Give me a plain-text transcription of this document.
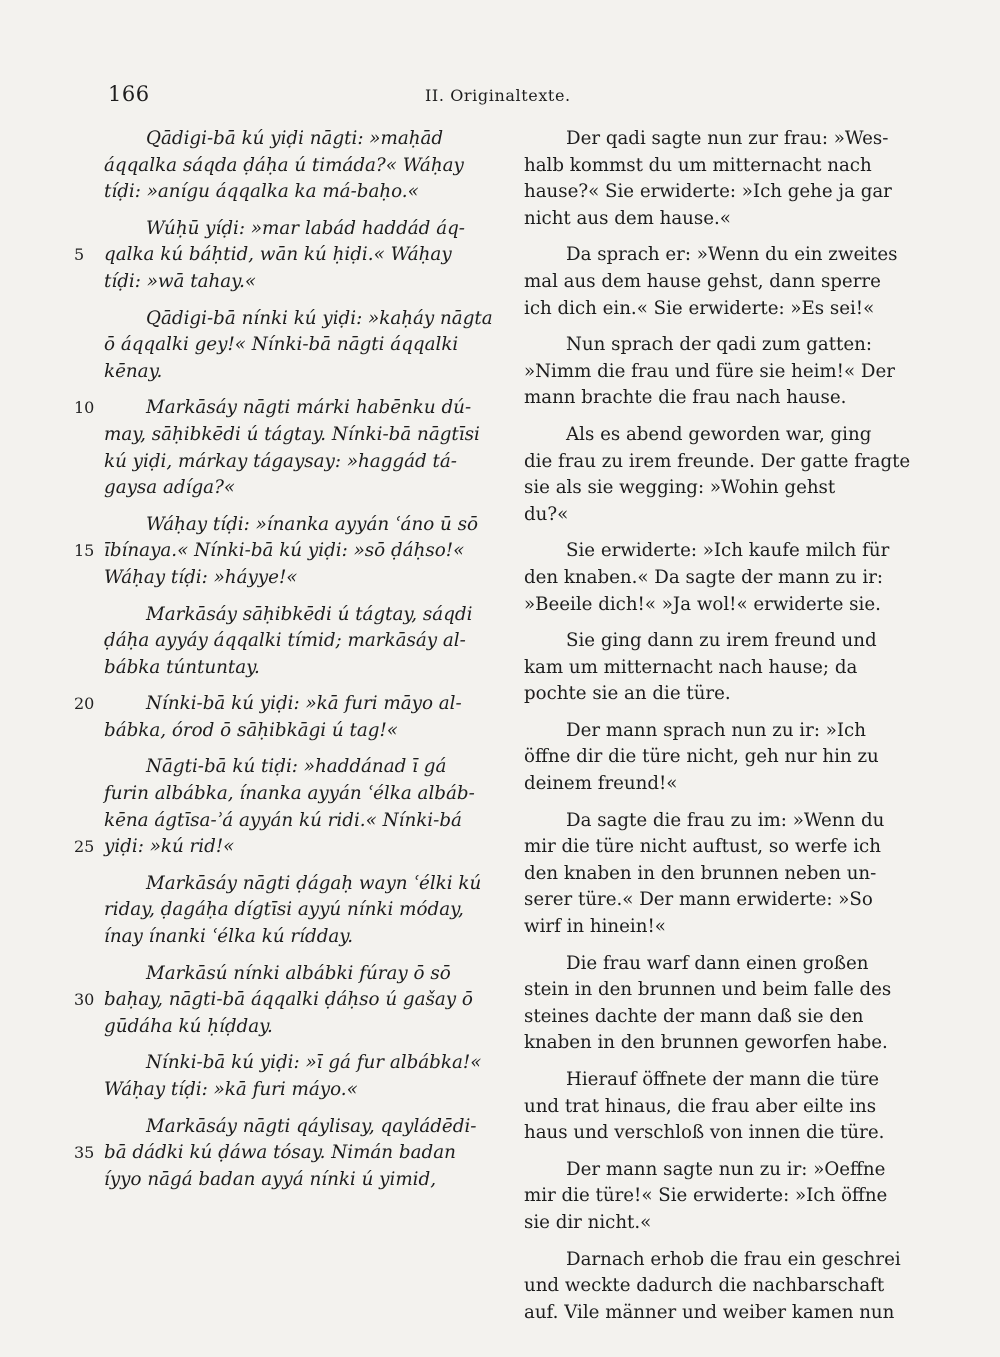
166	II. Originaltexte.
Qādigi-bā kú yiḍi nāgti: »maḥād
áqqalka sáqda ḍáḥa ú timáda?« Wáḥay
tíḍi: »anígu áqqalka ka má-baḥo.«
Wúḥū yíḍi: »mar labád haddád áq-
5 qalka kú báḥtid, wān kú ḥiḍi.« Wáḥay
tíḍi: »wā tahay.«
Qādigi-bā nínki kú yiḍi: »kaḥáy nāgta
ō áqqalki gey!« Nínki-bā nāgti áqqalki
kēnay.
10	Markāsáy nāgti márki habēnku dú-
may, sāḥibkēdi ú tágtay. Nínki-bā nāgtīsi
kú yiḍi, márkay tágaysay: »haggád tá-
gaysa adíga?«
Wáḥay tíḍi: »ínanka ayyán ʿáno ū sō
15 ībínaya.« Nínki-bā kú yiḍi: »sō ḍáḥso!«
Wáḥay tíḍi: »háyye!«
Markāsáy sāḥibkēdi ú tágtay, sáqdi
ḍáḥa ayyáy áqqalki tímid; markāsáy al-
bábka túntuntay.
20	Nínki-bā kú yiḍi: »kā furi māyo al-
bábka, órod ō sāḥibkāgi ú tag!«
Nāgti-bā kú tiḍi: »haddánad ī gá
furin albábka, ínanka ayyán ʿélka albáb-
kēna ágtīsa-ʾá ayyán kú ridi.« Nínki-bá
25 yiḍi: »kú rid!«
Markāsáy nāgti ḍágaḥ wayn ʿélki kú
riday, ḍagáḥa dígtīsi ayyú nínki móday,
ínay ínanki ʿélka kú rídday.
Markāsú nínki albábki fúray ō sō
30 baḥay, nāgti-bā áqqalki ḍáḥso ú gašay ō
gūdáha kú ḥíḍday.
Nínki-bā kú yiḍi: »ī gá fur albábka!«
Wáḥay tíḍi: »kā furi máyo.«
Markāsáy nāgti qáylisay, qayládēdi-
35 bā dádki kú ḍáwa tósay. Nimán badan
íyyo nāgá badan ayyá nínki ú yimid,
Der qadi sagte nun zur frau: »Wes-
halb kommst du um mitternacht nach
hause?« Sie erwiderte: »Ich gehe ja gar
nicht aus dem hause.«
Da sprach er: »Wenn du ein zweites
mal aus dem hause gehst, dann sperre
ich dich ein.« Sie erwiderte: »Es sei!«
Nun sprach der qadi zum gatten:
»Nimm die frau und füre sie heim!« Der
mann brachte die frau nach hause.
Als es abend geworden war, ging
die frau zu irem freunde. Der gatte fragte
sie als sie wegging: »Wohin gehst
du?«
Sie erwiderte: »Ich kaufe milch für
den knaben.« Da sagte der mann zu ir:
»Beeile dich!« »Ja wol!« erwiderte sie.
Sie ging dann zu irem freund und
kam um mitternacht nach hause; da
pochte sie an die türe.
Der mann sprach nun zu ir: »Ich
öffne dir die türe nicht, geh nur hin zu
deinem freund!«
Da sagte die frau zu im: »Wenn du
mir die türe nicht auftust, so werfe ich
den knaben in den brunnen neben un-
serer türe.« Der mann erwiderte: »So
wirf in hinein!«
Die frau warf dann einen großen
stein in den brunnen und beim falle des
steines dachte der mann daß sie den
knaben in den brunnen geworfen habe.
Hierauf öffnete der mann die türe
und trat hinaus, die frau aber eilte ins
haus und verschloß von innen die türe.
Der mann sagte nun zu ir: »Oeffne
mir die türe!« Sie erwiderte: »Ich öffne
sie dir nicht.«
Darnach erhob die frau ein geschrei
und weckte dadurch die nachbarschaft
auf. Vile männer und weiber kamen nun
